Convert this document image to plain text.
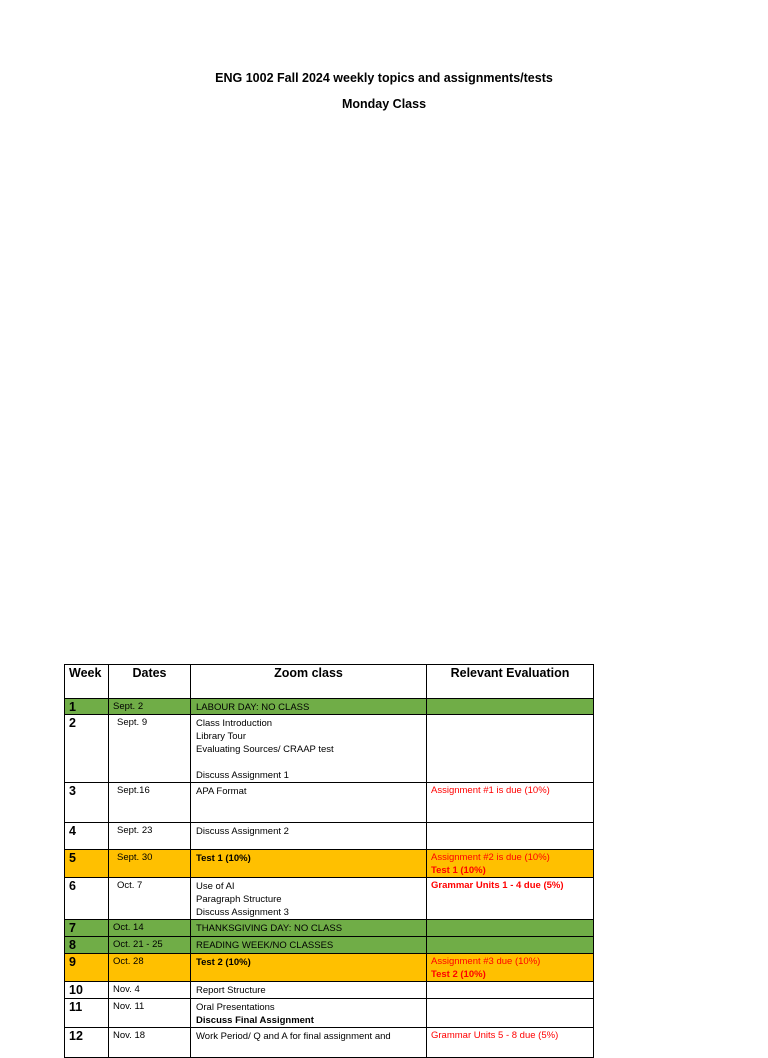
ENG 1002 Fall 2024 weekly topics and assignments/tests
Monday Class
Week	Dates	Zoom class	Relevant Evaluation
1	Sept. 2	LABOUR DAY: NO CLASS	

2	Sept. 9	Class Introduction
Library Tour
Evaluating Sources/ CRAAP test
Discuss Assignment 1	

3	Sept.16	APA Format	Assignment #1 is due (10%)

4	Sept. 23	Discuss Assignment 2	

5	Sept. 30	Test 1 (10%)	Assignment #2 is due (10%)
Test 1 (10%)

6	Oct. 7	Use of AI
Paragraph Structure
Discuss Assignment 3	Grammar Units 1 - 4 due (5%)

7	Oct. 14	THANKSGIVING DAY: NO CLASS	

8	Oct. 21 - 25	READING WEEK/NO CLASSES	

9	Oct. 28	Test 2 (10%)	Assignment #3 due (10%)
Test 2 (10%)

10	Nov. 4	Report Structure	

11	Nov. 11	Oral Presentations
Discuss Final Assignment	

12	Nov. 18	Work Period/ Q and A for final assignment and	Grammar Units 5 - 8 due (5%)
